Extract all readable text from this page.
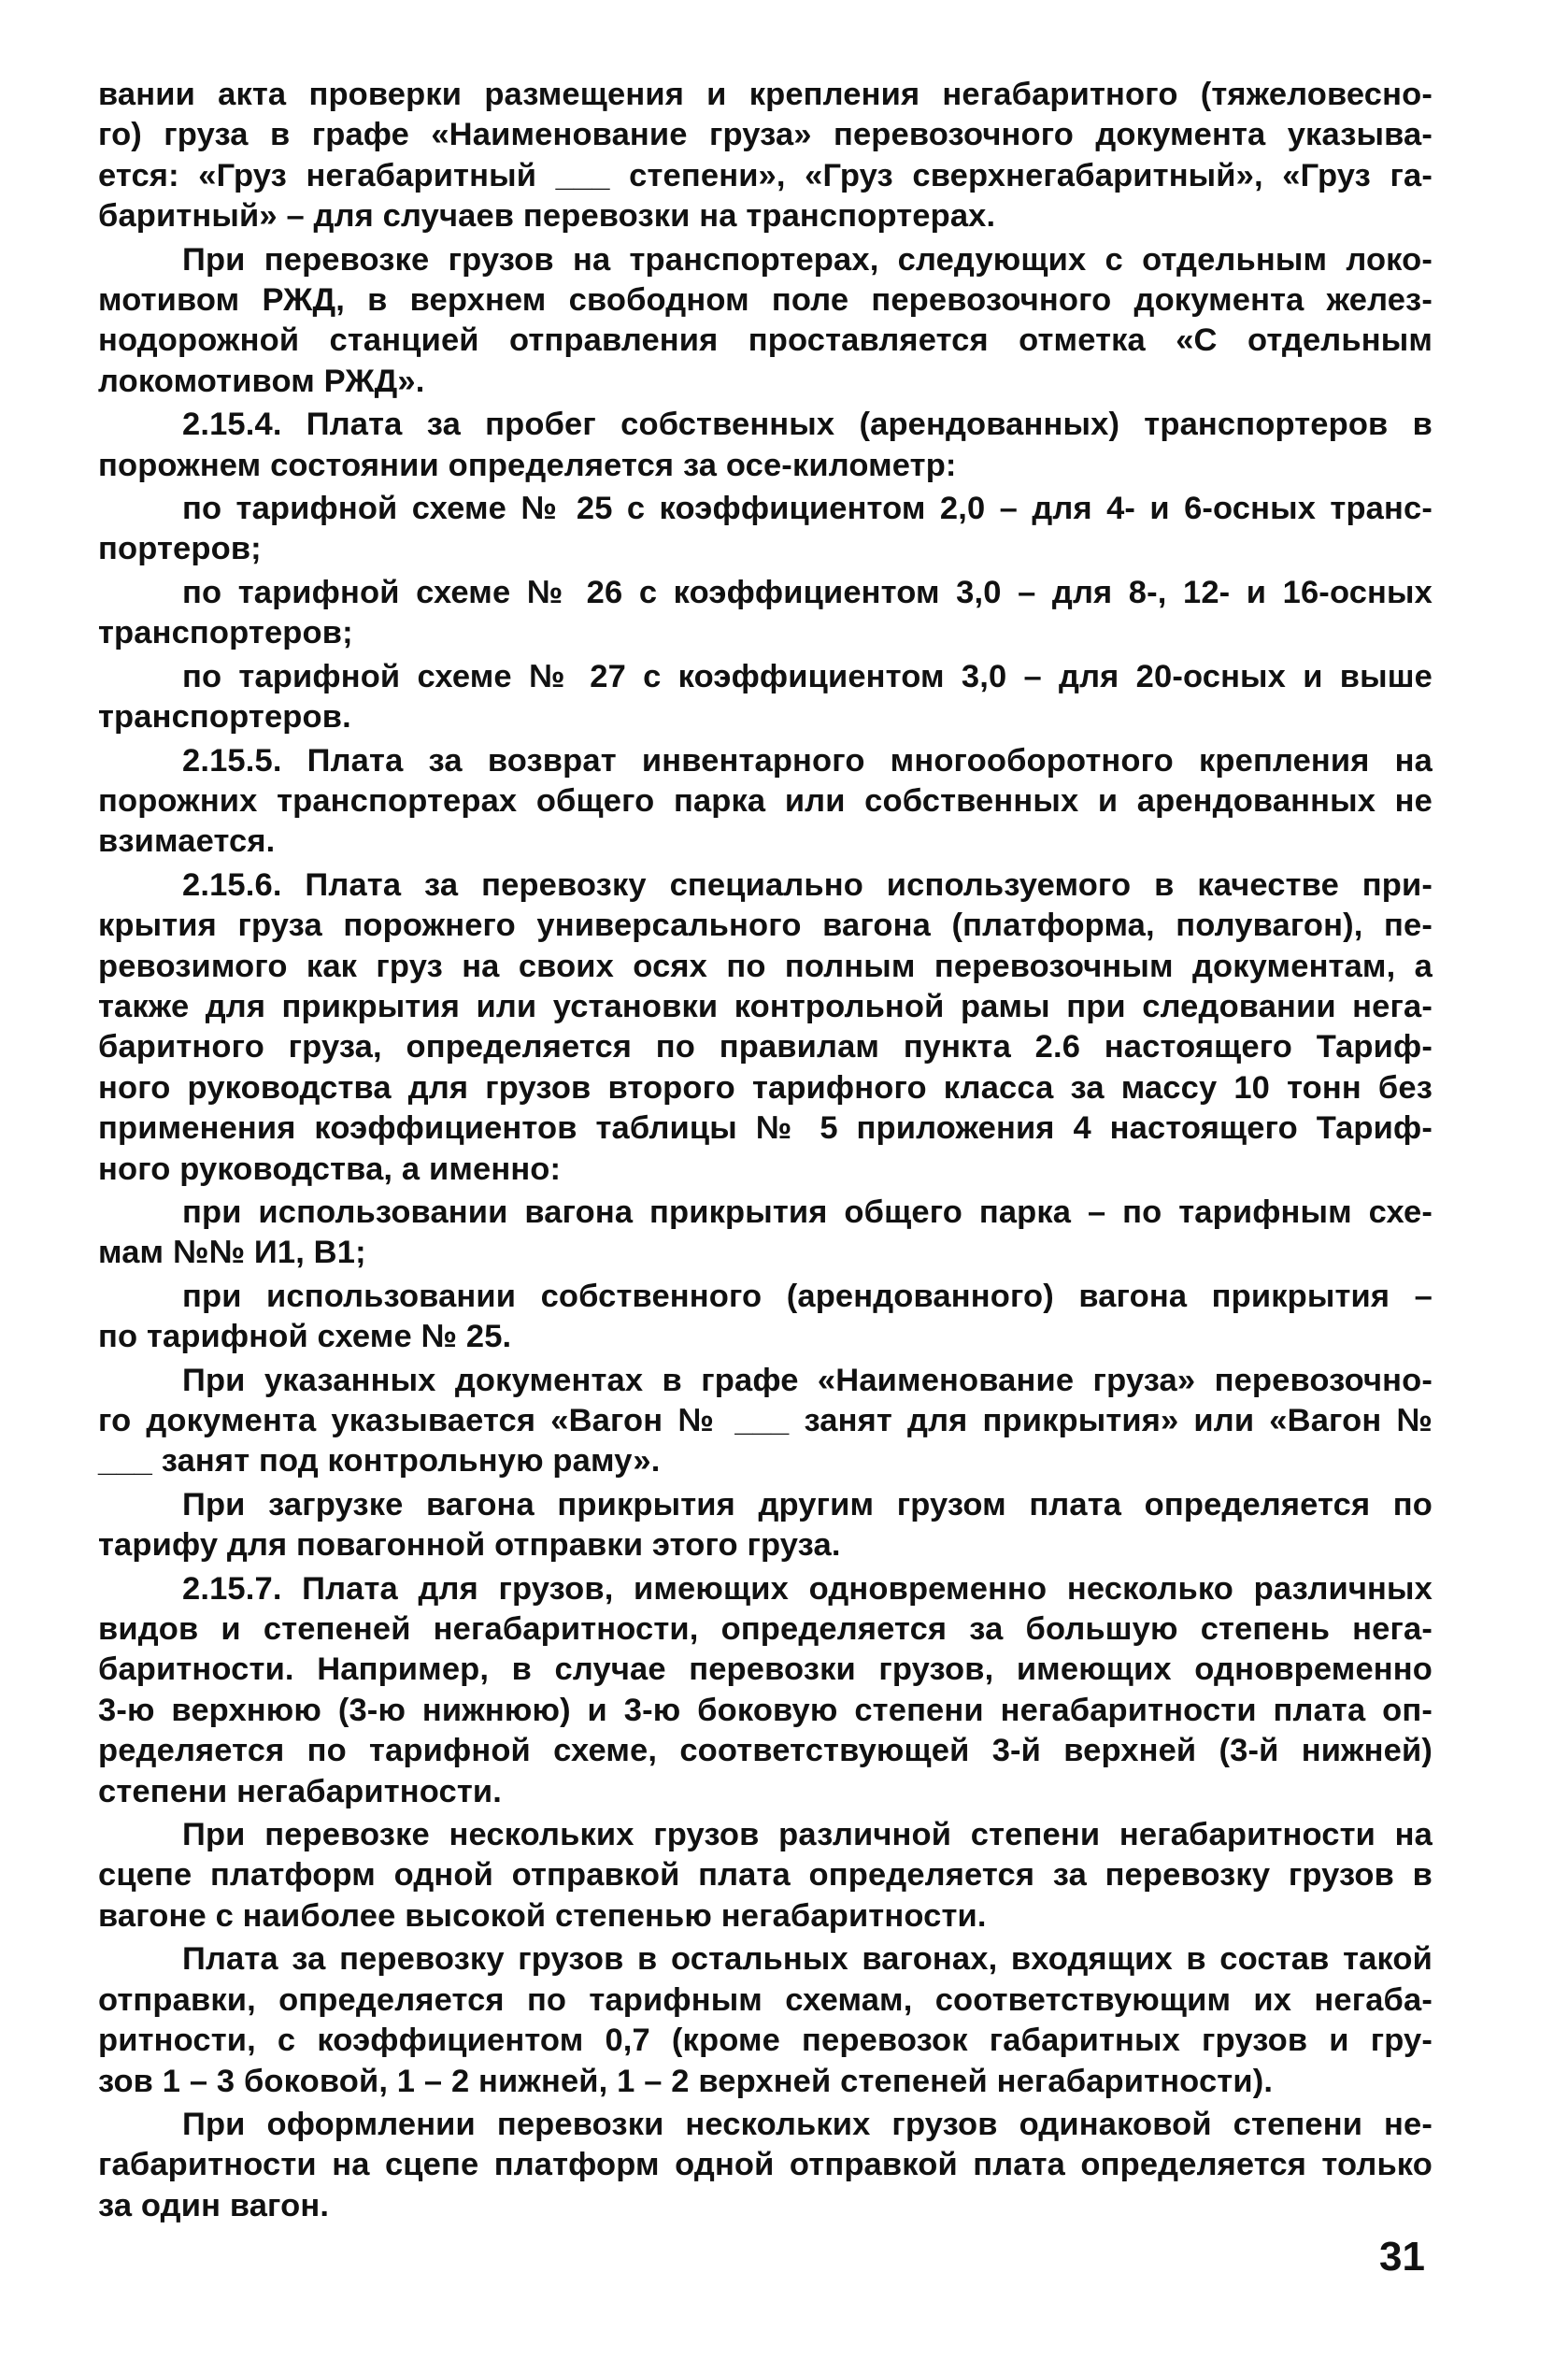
вании акта проверки размещения и крепления негабаритного (тяжеловесно-
го) груза в графе «Наименование груза» перевозочного документа указыва-
ется: «Груз негабаритный ___ степени», «Груз сверхнегабаритный», «Груз га-
баритный» – для случаев перевозки на транспортерах.
При перевозке грузов на транспортерах, следующих с отдельным локо-
мотивом РЖД, в верхнем свободном поле перевозочного документа желез-
нодорожной станцией отправления проставляется отметка «С отдельным
локомотивом РЖД».
2.15.4. Плата за пробег собственных (арендованных) транспортеров в
порожнем состоянии определяется за осе-километр:
по тарифной схеме № 25 с коэффициентом 2,0 – для 4- и 6-осных транс-
портеров;
по тарифной схеме № 26 с коэффициентом 3,0 – для 8-, 12- и 16-осных
транспортеров;
по тарифной схеме № 27 с коэффициентом 3,0 – для 20-осных и выше
транспортеров.
2.15.5. Плата за возврат инвентарного многооборотного крепления на
порожних транспортерах общего парка или собственных и арендованных не
взимается.
2.15.6. Плата за перевозку специально используемого в качестве при-
крытия груза порожнего универсального вагона (платформа, полувагон), пе-
ревозимого как груз на своих осях по полным перевозочным документам, а
также для прикрытия или установки контрольной рамы при следовании нега-
баритного груза, определяется по правилам пункта 2.6 настоящего Тариф-
ного руководства для грузов второго тарифного класса за массу 10 тонн без
применения коэффициентов таблицы № 5 приложения 4 настоящего Тариф-
ного руководства, а именно:
при использовании вагона прикрытия общего парка – по тарифным схе-
мам №№ И1, В1;
при использовании собственного (арендованного) вагона прикрытия –
по тарифной схеме № 25.
При указанных документах в графе «Наименование груза» перевозочно-
го документа указывается «Вагон № ___ занят для прикрытия» или «Вагон №
___ занят под контрольную раму».
При загрузке вагона прикрытия другим грузом плата определяется по
тарифу для повагонной отправки этого груза.
2.15.7. Плата для грузов, имеющих одновременно несколько различных
видов и степеней негабаритности, определяется за большую степень нега-
баритности. Например, в случае перевозки грузов, имеющих одновременно
3-ю верхнюю (3-ю нижнюю) и 3-ю боковую степени негабаритности плата оп-
ределяется по тарифной схеме, соответствующей 3-й верхней (3-й нижней)
степени негабаритности.
При перевозке нескольких грузов различной степени негабаритности на
сцепе платформ одной отправкой плата определяется за перевозку грузов в
вагоне с наиболее высокой степенью негабаритности.
Плата за перевозку грузов в остальных вагонах, входящих в состав такой
отправки, определяется по тарифным схемам, соответствующим их негаба-
ритности, с коэффициентом 0,7 (кроме перевозок габаритных грузов и гру-
зов 1 – 3 боковой, 1 – 2 нижней, 1 – 2 верхней степеней негабаритности).
При оформлении перевозки нескольких грузов одинаковой степени не-
габаритности на сцепе платформ одной отправкой плата определяется только
за один вагон.
31
